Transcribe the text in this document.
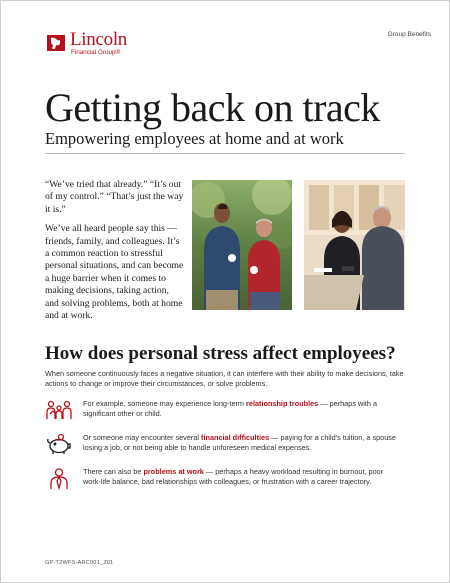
Lincoln
Financial Group®
Group Benefits
Getting back on track
Empowering employees at home and at work

“We’ve tried that already.” “It’s out of my control.” “That’s just the way it is.”

We’ve all heard people say this — friends, family, and colleagues. It’s a common reaction to stressful personal situations, and can become a huge barrier when it comes to making decisions, taking action, and solving problems, both at home and at work.

How does personal stress affect employees?

When someone continuously faces a negative situation, it can interfere with their ability to make decisions, take actions to change or improve their circumstances, or solve problems.

For example, someone may experience long-term relationship troubles — perhaps with a significant other or child.
Or someone may encounter several financial difficulties — paying for a child’s tuition, a spouse losing a job, or not being able to handle unforeseen medical expenses.
There can also be problems at work — perhaps a heavy workload resulting in burnout, poor work-life balance, bad relationships with colleagues, or frustration with a career trajectory.
GP-T2WFS-ARC001_Z01
